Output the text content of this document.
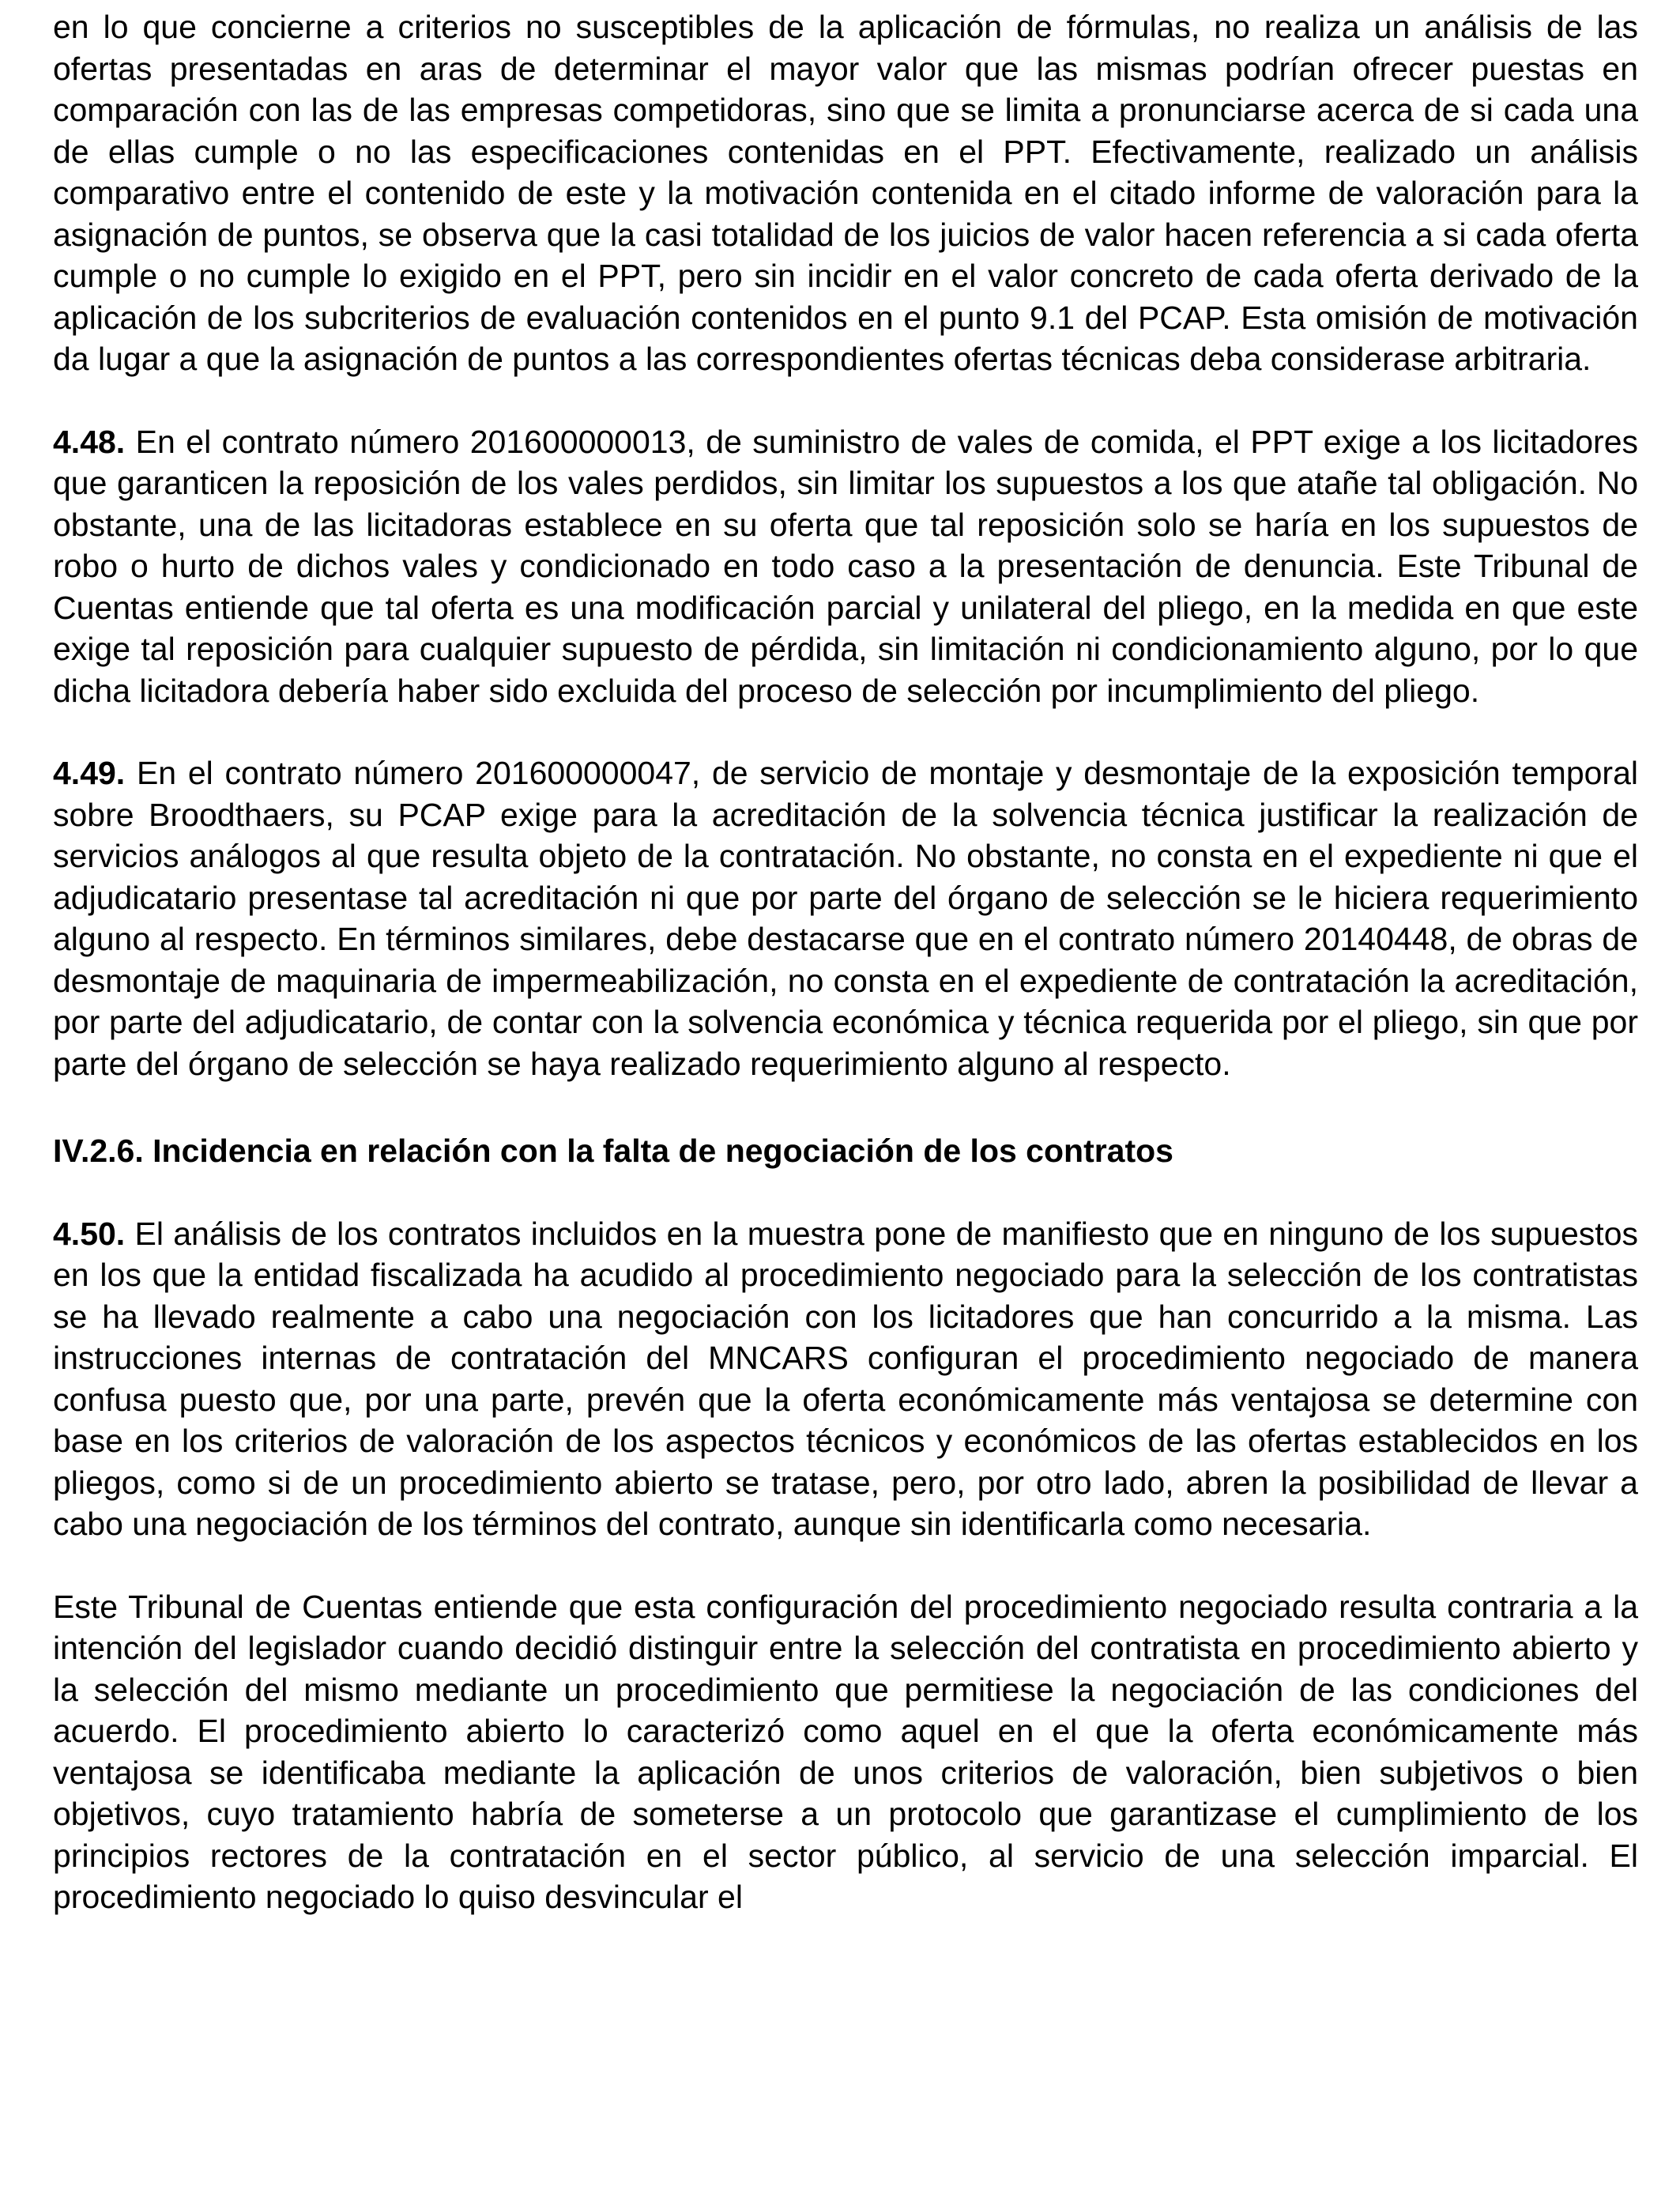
en lo que concierne a criterios no susceptibles de la aplicación de fórmulas, no realiza un análisis de las ofertas presentadas en aras de determinar el mayor valor que las mismas podrían ofrecer puestas en comparación con las de las empresas competidoras, sino que se limita a pronunciarse acerca de si cada una de ellas cumple o no las especificaciones contenidas en el PPT. Efectivamente, realizado un análisis comparativo entre el contenido de este y la motivación contenida en el citado informe de valoración para la asignación de puntos, se observa que la casi totalidad de los juicios de valor hacen referencia a si cada oferta cumple o no cumple lo exigido en el PPT, pero sin incidir en el valor concreto de cada oferta derivado de la aplicación de los subcriterios de evaluación contenidos en el punto 9.1 del PCAP. Esta omisión de motivación da lugar a que la asignación de puntos a las correspondientes ofertas técnicas deba considerase arbitraria.

4.48. En el contrato número 201600000013, de suministro de vales de comida, el PPT exige a los licitadores que garanticen la reposición de los vales perdidos, sin limitar los supuestos a los que atañe tal obligación. No obstante, una de las licitadoras establece en su oferta que tal reposición solo se haría en los supuestos de robo o hurto de dichos vales y condicionado en todo caso a la presentación de denuncia. Este Tribunal de Cuentas entiende que tal oferta es una modificación parcial y unilateral del pliego, en la medida en que este exige tal reposición para cualquier supuesto de pérdida, sin limitación ni condicionamiento alguno, por lo que dicha licitadora debería haber sido excluida del proceso de selección por incumplimiento del pliego.

4.49. En el contrato número 201600000047, de servicio de montaje y desmontaje de la exposición temporal sobre Broodthaers, su PCAP exige para la acreditación de la solvencia técnica justificar la realización de servicios análogos al que resulta objeto de la contratación. No obstante, no consta en el expediente ni que el adjudicatario presentase tal acreditación ni que por parte del órgano de selección se le hiciera requerimiento alguno al respecto. En términos similares, debe destacarse que en el contrato número 20140448, de obras de desmontaje de maquinaria de impermeabilización, no consta en el expediente de contratación la acreditación, por parte del adjudicatario, de contar con la solvencia económica y técnica requerida por el pliego, sin que por parte del órgano de selección se haya realizado requerimiento alguno al respecto.

IV.2.6. Incidencia en relación con la falta de negociación de los contratos

4.50. El análisis de los contratos incluidos en la muestra pone de manifiesto que en ninguno de los supuestos en los que la entidad fiscalizada ha acudido al procedimiento negociado para la selección de los contratistas se ha llevado realmente a cabo una negociación con los licitadores que han concurrido a la misma. Las instrucciones internas de contratación del MNCARS configuran el procedimiento negociado de manera confusa puesto que, por una parte, prevén que la oferta económicamente más ventajosa se determine con base en los criterios de valoración de los aspectos técnicos y económicos de las ofertas establecidos en los pliegos, como si de un procedimiento abierto se tratase, pero, por otro lado, abren la posibilidad de llevar a cabo una negociación de los términos del contrato, aunque sin identificarla como necesaria.

Este Tribunal de Cuentas entiende que esta configuración del procedimiento negociado resulta contraria a la intención del legislador cuando decidió distinguir entre la selección del contratista en procedimiento abierto y la selección del mismo mediante un procedimiento que permitiese la negociación de las condiciones del acuerdo. El procedimiento abierto lo caracterizó como aquel en el que la oferta económicamente más ventajosa se identificaba mediante la aplicación de unos criterios de valoración, bien subjetivos o bien objetivos, cuyo tratamiento habría de someterse a un protocolo que garantizase el cumplimiento de los principios rectores de la contratación en el sector público, al servicio de una selección imparcial. El procedimiento negociado lo quiso desvincular el
